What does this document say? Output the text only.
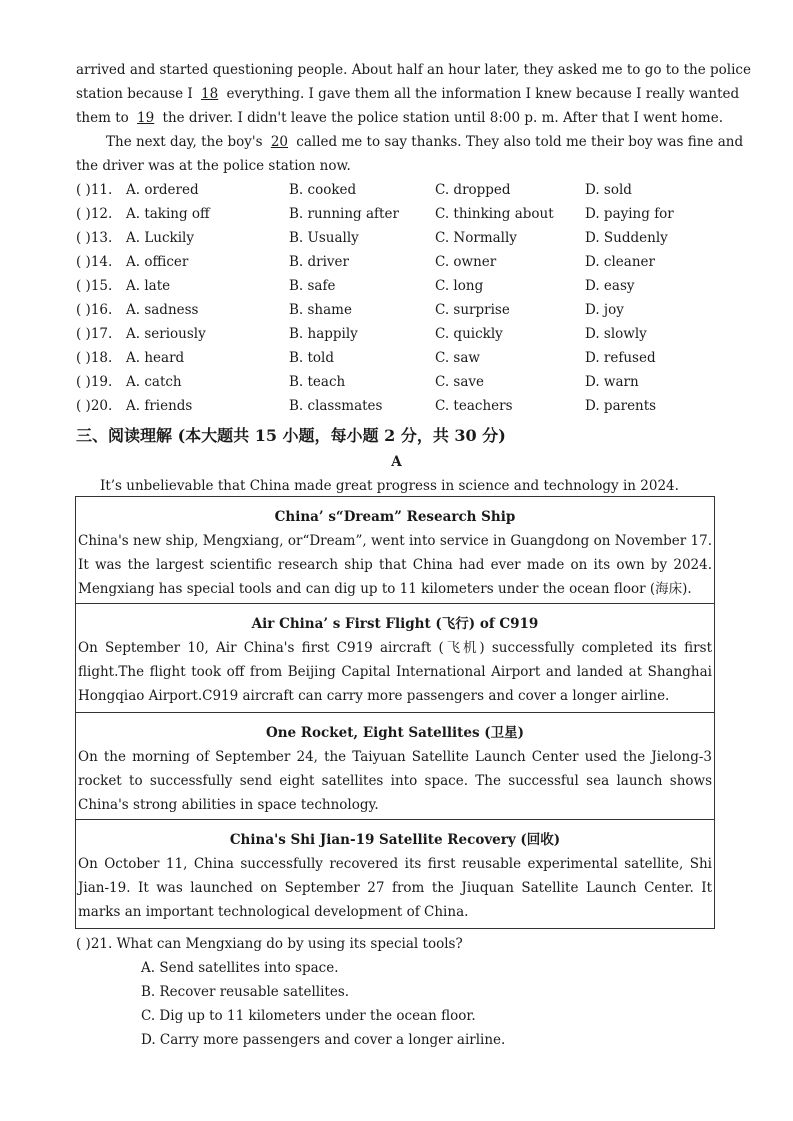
arrived and started questioning people. About half an hour later, they asked me to go to the police
station because I 18 everything. I gave them all the information I knew because I really wanted
them to 19 the driver. I didn't leave the police station until 8:00 p. m. After that I went home.
The next day, the boy's 20 called me to say thanks. They also told me their boy was fine and
the driver was at the police station now.
( )11. A. ordered	B. cooked	C. dropped	D. sold
( )12. A. taking off	B. running after	C. thinking about D. paying for
( )13. A. Luckily	B. Usually	C. Normally	D. Suddenly
( )14. A. officer	B. driver	C. owner	D. cleaner
( )15. A. late	B. safe	C. long	D. easy
( )16. A. sadness	B. shame	C. surprise	D. joy
( )17. A. seriously	B. happily	C. quickly	D. slowly
( )18. A. heard	B. told	C. saw	D. refused
( )19. A. catch	B. teach	C. save	D. warn
( )20. A. friends	B. classmates	C. teachers	D. parents
三、阅读理解 (本大题共 15 小题，每小题 2 分，共 30 分)
A
It’s unbelievable that China made great progress in science and technology in 2024.
China’ s“Dream” Research Ship
China's new ship, Mengxiang, or“Dream”, went into service in Guangdong on November 17. It was the largest scientific research ship that China had ever made on its own by 2024. Mengxiang has special tools and can dig up to 11 kilometers under the ocean floor (海床).
Air China’ s First Flight (飞行) of C919
On September 10, Air China's first C919 aircraft (飞机) successfully completed its first flight.The flight took off from Beijing Capital International Airport and landed at Shanghai Hongqiao Airport.C919 aircraft can carry more passengers and cover a longer airline.
One Rocket, Eight Satellites (卫星)
On the morning of September 24, the Taiyuan Satellite Launch Center used the Jielong-3 rocket to successfully send eight satellites into space. The successful sea launch shows China's strong abilities in space technology.
China's Shi Jian-19 Satellite Recovery (回收)
On October 11, China successfully recovered its first reusable experimental satellite, Shi Jian-19. It was launched on September 27 from the Jiuquan Satellite Launch Center. It marks an important technological development of China.
( )21. What can Mengxiang do by using its special tools?
A. Send satellites into space.
B. Recover reusable satellites.
C. Dig up to 11 kilometers under the ocean floor.
D. Carry more passengers and cover a longer airline.
